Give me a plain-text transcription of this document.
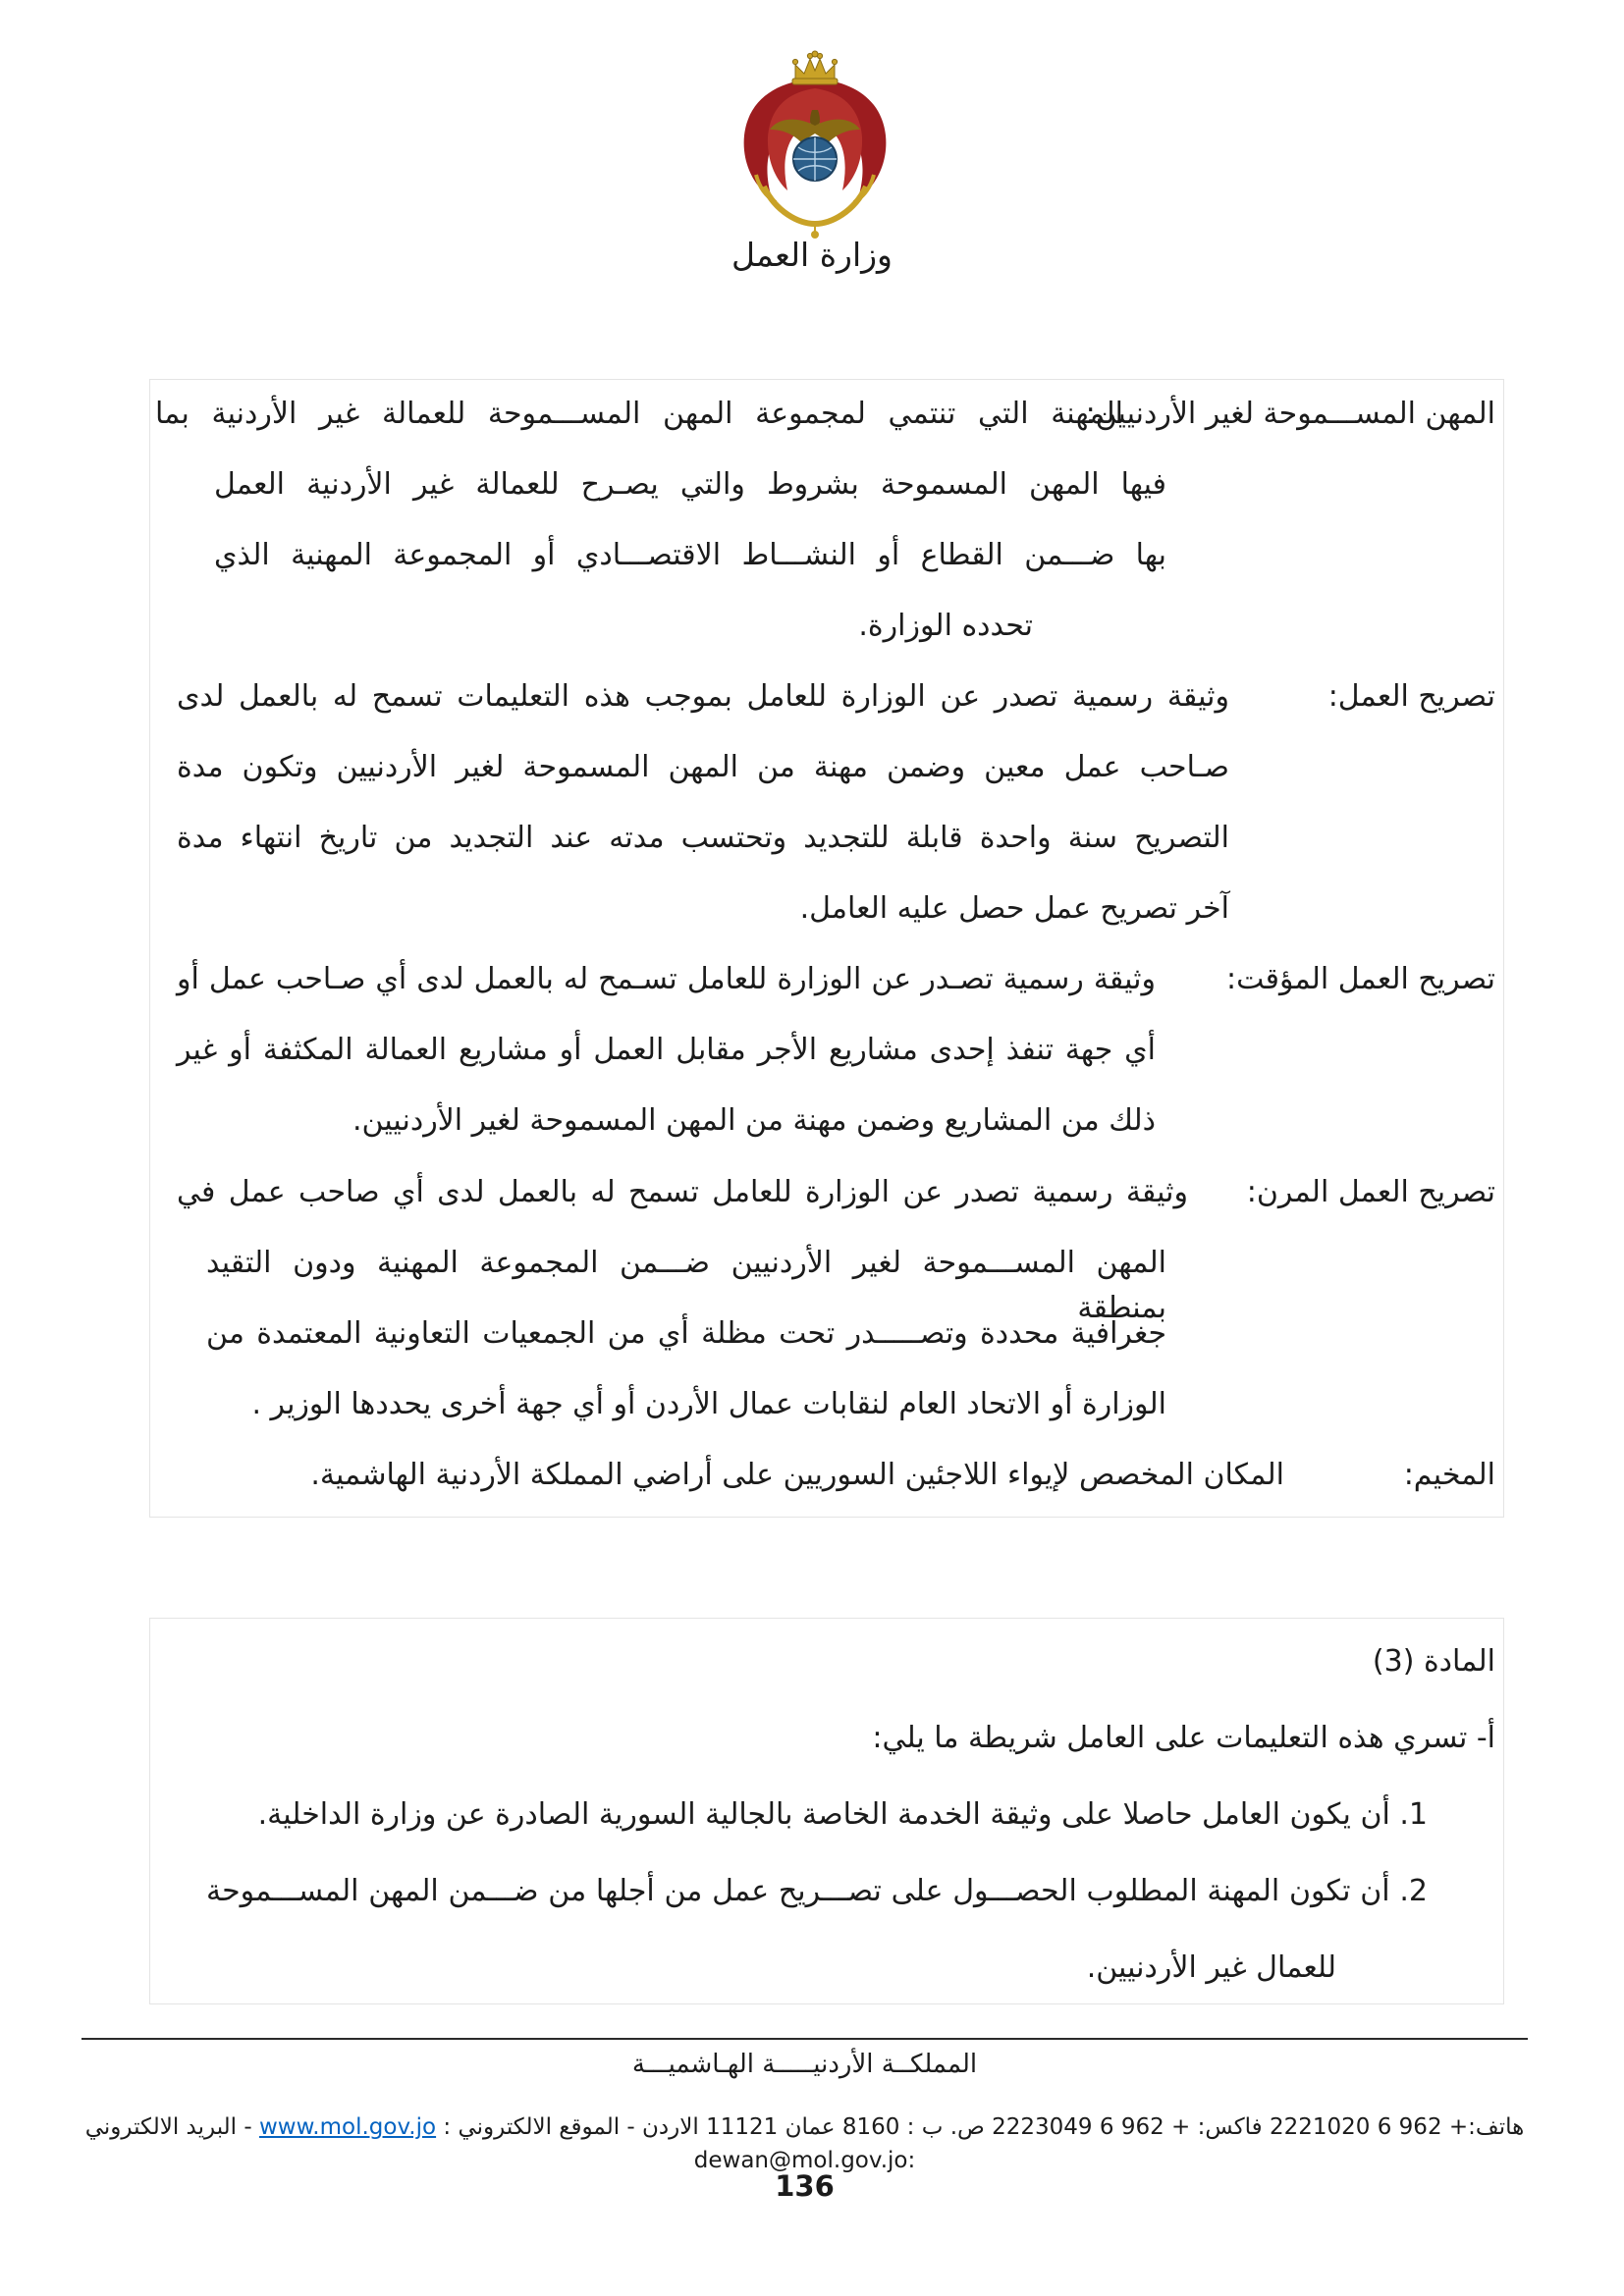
وزارة العمل
المهن المســـموحة لغير الأردنيين:
المهنة التي تنتمي لمجموعة المهن المســـموحة للعمالة غير الأردنية بما
فيها المهن المسموحة بشروط والتي يصـرح للعمالة غير الأردنية العمل
بها ضـــمن القطاع أو النشـــاط الاقتصـــادي أو المجموعة المهنية الذي
تحدده الوزارة.
تصريح العمل:
وثيقة رسمية تصدر عن الوزارة للعامل بموجب هذه التعليمات تسمح له بالعمل لدى
صـاحب عمل معين وضمن مهنة من المهن المسموحة لغير الأردنيين وتكون مدة
التصريح سنة واحدة قابلة للتجديد وتحتسب مدته عند التجديد من تاريخ انتهاء مدة
آخر تصريح عمل حصل عليه العامل.
تصريح العمل المؤقت:
وثيقة رسمية تصـدر عن الوزارة للعامل تسـمح له بالعمل لدى أي صـاحب عمل أو
أي جهة تنفذ إحدى مشاريع الأجر مقابل العمل أو مشاريع العمالة المكثفة أو غير
ذلك من المشاريع وضمن مهنة من المهن المسموحة لغير الأردنيين.
تصريح العمل المرن:
وثيقة رسمية تصدر عن الوزارة للعامل تسمح له بالعمل لدى أي صاحب عمل في
المهن المســـموحة لغير الأردنيين ضـــمن المجموعة المهنية ودون التقيد بمنطقة
جغرافية محددة وتصـــــدر تحت مظلة أي من الجمعيات التعاونية المعتمدة من
الوزارة أو الاتحاد العام لنقابات عمال الأردن أو أي جهة أخرى يحددها الوزير .
المخيم:
المكان المخصص لإيواء اللاجئين السوريين على أراضي المملكة الأردنية الهاشمية.
المادة (3)
أ- تسري هذه التعليمات على العامل شريطة ما يلي:
1. أن يكون العامل حاصلا على وثيقة الخدمة الخاصة بالجالية السورية الصادرة عن وزارة الداخلية.
2. أن تكون المهنة المطلوب الحصـــول على تصـــريح عمل من أجلها من ضـــمن المهن المســـموحة
للعمال غير الأردنيين.
المملكــة الأردنيـــــة الهـاشميـــة
هاتف:+ 962 6 2221020 فاكس: + 962 6 2223049 ص. ب : 8160 عمان 11121 الاردن - الموقع الالكتروني : www.mol.gov.jo - البريد الالكتروني :dewan@mol.gov.jo
136
